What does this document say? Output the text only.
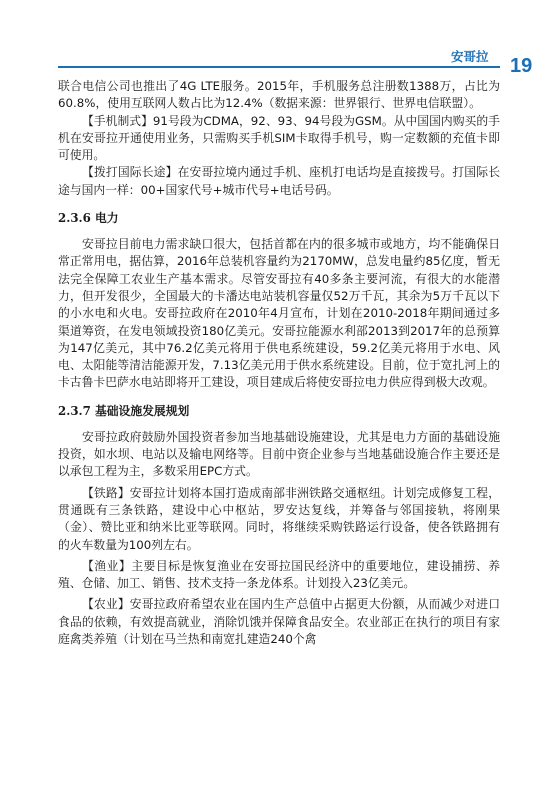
安哥拉 19

联合电信公司也推出了4G LTE服务。2015年，手机服务总注册数1388万，占比为60.8%，使用互联网人数占比为12.4%（数据来源：世界银行、世界电信联盟）。

【手机制式】91号段为CDMA，92、93、94号段为GSM。从中国国内购买的手机在安哥拉开通使用业务，只需购买手机SIM卡取得手机号，购一定数额的充值卡即可使用。

【拨打国际长途】在安哥拉境内通过手机、座机打电话均是直接拨号。打国际长途与国内一样：00+国家代号+城市代号+电话号码。

2.3.6 电力

安哥拉目前电力需求缺口很大，包括首都在内的很多城市或地方，均不能确保日常正常用电，据估算，2016年总装机容量约为2170MW，总发电量约85亿度，暂无法完全保障工农业生产基本需求。尽管安哥拉有40多条主要河流，有很大的水能潜力，但开发很少，全国最大的卡潘达电站装机容量仅52万千瓦，其余为5万千瓦以下的小水电和火电。安哥拉政府在2010年4月宣布，计划在2010-2018年期间通过多渠道筹资，在发电领域投资180亿美元。安哥拉能源水利部2013到2017年的总预算为147亿美元，其中76.2亿美元将用于供电系统建设，59.2亿美元将用于水电、风电、太阳能等清洁能源开发，7.13亿美元用于供水系统建设。目前，位于宽扎河上的卡古鲁卡巴萨水电站即将开工建设，项目建成后将使安哥拉电力供应得到极大改观。

2.3.7 基础设施发展规划

安哥拉政府鼓励外国投资者参加当地基础设施建设，尤其是电力方面的基础设施投资，如水坝、电站以及输电网络等。目前中资企业参与当地基础设施合作主要还是以承包工程为主，多数采用EPC方式。

【铁路】安哥拉计划将本国打造成南部非洲铁路交通枢纽。计划完成修复工程，贯通既有三条铁路，建设中心中枢站，罗安达复线，并筹备与邻国接轨，将刚果（金）、赞比亚和纳米比亚等联网。同时，将继续采购铁路运行设备，使各铁路拥有的火车数量为100列左右。

【渔业】主要目标是恢复渔业在安哥拉国民经济中的重要地位，建设捕捞、养殖、仓储、加工、销售、技术支持一条龙体系。计划投入23亿美元。

【农业】安哥拉政府希望农业在国内生产总值中占据更大份额，从而减少对进口食品的依赖，有效提高就业，消除饥饿并保障食品安全。农业部正在执行的项目有家庭禽类养殖（计划在马兰热和南宽扎建造240个禽
